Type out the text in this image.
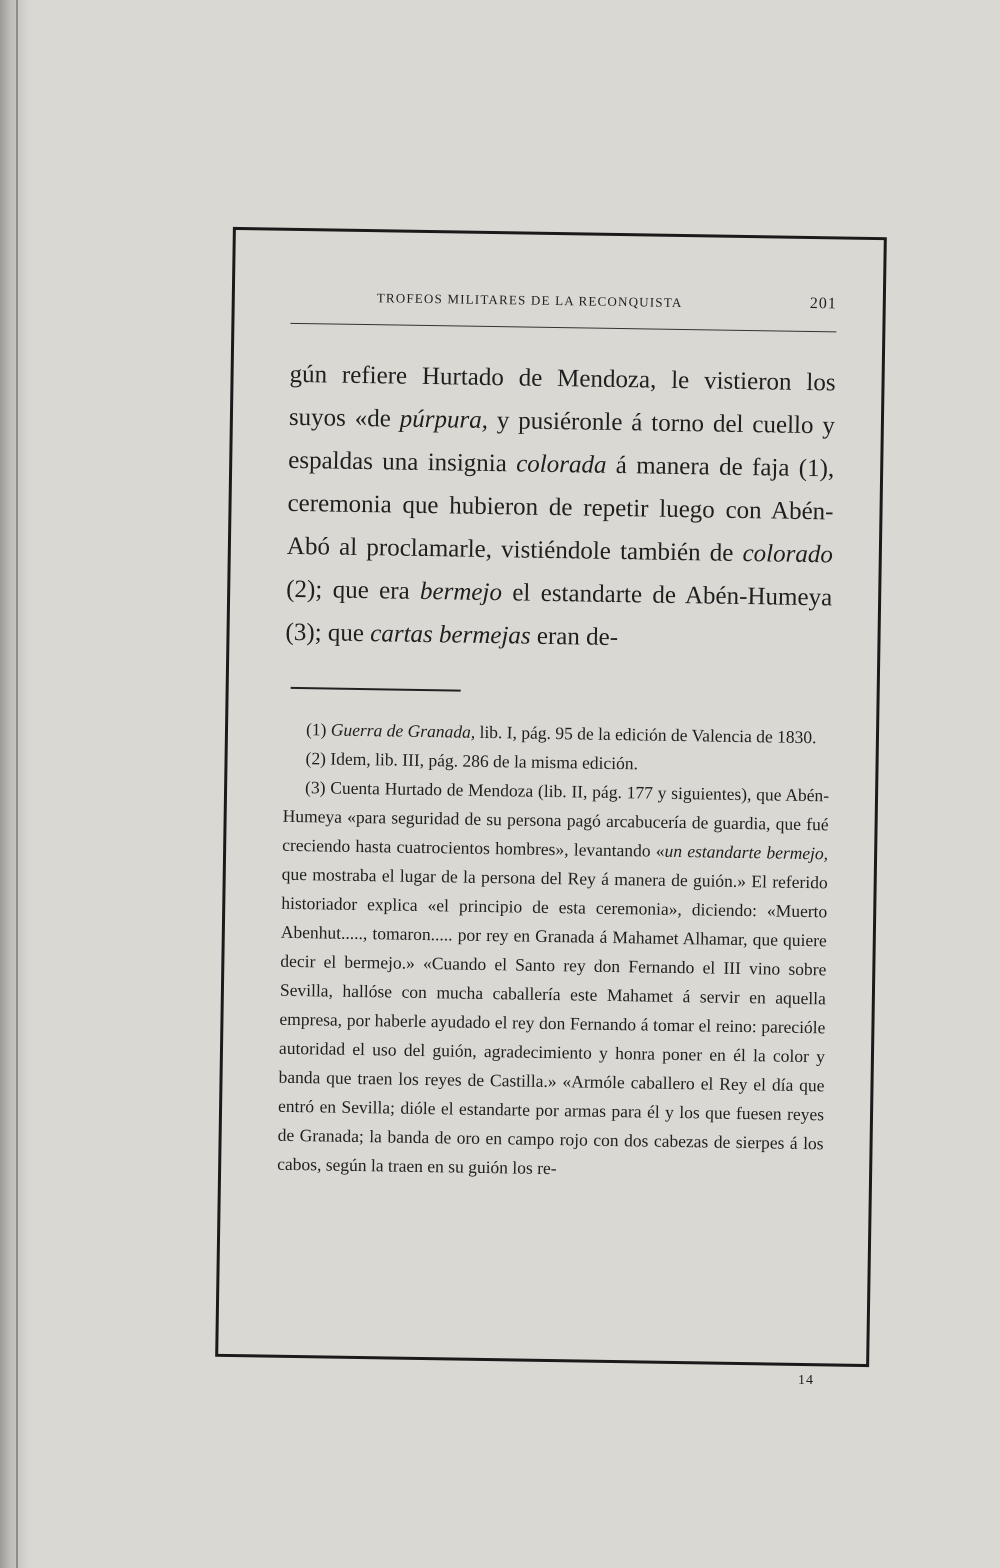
TROFEOS MILITARES DE LA RECONQUISTA	201

gún refiere Hurtado de Mendoza, le vistieron los suyos «de púrpura, y pusiéronle á torno del cuello y espaldas una insignia colorada á manera de faja (1), ceremonia que hubieron de repetir luego con Abén-Abó al proclamarle, vistiéndole también de colorado (2); que era bermejo el estandarte de Abén-Humeya (3); que cartas bermejas eran de-

(1) Guerra de Granada, lib. I, pág. 95 de la edición de Valencia de 1830.

(2) Idem, lib. III, pág. 286 de la misma edición.

(3) Cuenta Hurtado de Mendoza (lib. II, pág. 177 y siguientes), que Abén-Humeya «para seguridad de su persona pagó arcabucería de guardia, que fué creciendo hasta cuatrocientos hombres», levantando «un estandarte bermejo, que mostraba el lugar de la persona del Rey á manera de guión.» El referido historiador explica «el principio de esta ceremonia», diciendo: «Muerto Abenhut....., tomaron..... por rey en Granada á Mahamet Alhamar, que quiere decir el bermejo.» «Cuando el Santo rey don Fernando el III vino sobre Sevilla, hallóse con mucha caballería este Mahamet á servir en aquella empresa, por haberle ayudado el rey don Fernando á tomar el reino: parecióle autoridad el uso del guión, agradecimiento y honra poner en él la color y banda que traen los reyes de Castilla.» «Armóle caballero el Rey el día que entró en Sevilla; dióle el estandarte por armas para él y los que fuesen reyes de Granada; la banda de oro en campo rojo con dos cabezas de sierpes á los cabos, según la traen en su guión los re-

14
